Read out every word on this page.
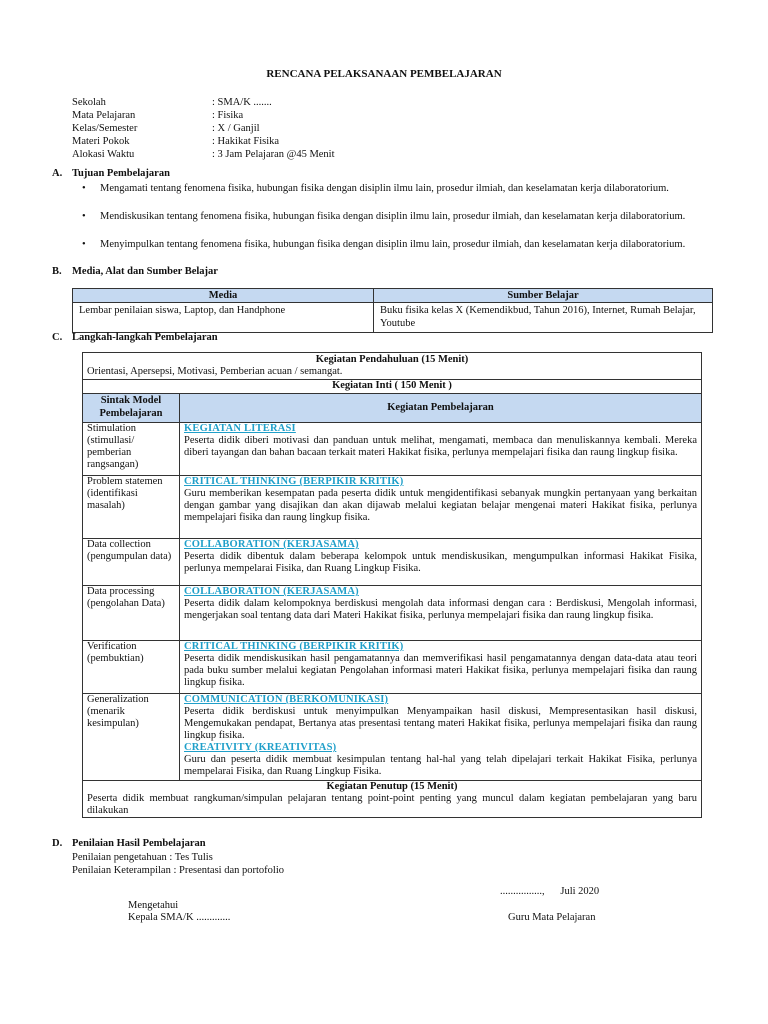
RENCANA PELAKSANAAN PEMBELAJARAN
Sekolah	: SMA/K .......
Mata Pelajaran	: Fisika
Kelas/Semester	: X / Ganjil
Materi Pokok	: Hakikat Fisika
Alokasi Waktu	: 3 Jam Pelajaran @45 Menit
A. Tujuan Pembelajaran
• Mengamati tentang fenomena fisika, hubungan fisika dengan disiplin ilmu lain, prosedur ilmiah, dan keselamatan kerja dilaboratorium.
• Mendiskusikan tentang fenomena fisika, hubungan fisika dengan disiplin ilmu lain, prosedur ilmiah, dan keselamatan kerja dilaboratorium.
• Menyimpulkan tentang fenomena fisika, hubungan fisika dengan disiplin ilmu lain, prosedur ilmiah, dan keselamatan kerja dilaboratorium.
B. Media, Alat dan Sumber Belajar
Media	Sumber Belajar
Lembar penilaian siswa, Laptop, dan Handphone	Buku fisika kelas X (Kemendikbud, Tahun 2016), Internet, Rumah Belajar, Youtube
C. Langkah-langkah Pembelajaran
Kegiatan Pendahuluan (15 Menit)
Orientasi, Apersepsi, Motivasi, Pemberian acuan / semangat.	

Kegiatan Inti ( 150 Menit )	
Sintak Model Pembelajaran	Kegiatan Pembelajaran
Stimulation (stimullasi/ pemberian rangsangan)	KEGIATAN LITERASI
Peserta didik diberi motivasi dan panduan untuk melihat, mengamati, membaca dan menuliskannya kembali. Mereka diberi tayangan dan bahan bacaan terkait materi Hakikat fisika, perlunya mempelajari fisika dan raung lingkup fisika.

Problem statemen (identifikasi masalah)	CRITICAL THINKING (BERPIKIR KRITIK)
Guru memberikan kesempatan pada peserta didik untuk mengidentifikasi sebanyak mungkin pertanyaan yang berkaitan dengan gambar yang disajikan dan akan dijawab melalui kegiatan belajar mengenai materi Hakikat fisika, perlunya mempelajari fisika dan raung lingkup fisika.

Data collection (pengumpulan data)	COLLABORATION (KERJASAMA)
Peserta didik dibentuk dalam beberapa kelompok untuk mendiskusikan, mengumpulkan informasi Hakikat Fisika, perlunya mempelarai Fisika, dan Ruang Lingkup Fisika.

Data processing (pengolahan Data)	COLLABORATION (KERJASAMA)
Peserta didik dalam kelompoknya berdiskusi mengolah data informasi dengan cara : Berdiskusi, Mengolah informasi, mengerjakan soal tentang data dari Materi Hakikat fisika, perlunya mempelajari fisika dan raung lingkup fisika.

Verification (pembuktian)	CRITICAL THINKING (BERPIKIR KRITIK)
Peserta didik mendiskusikan hasil pengamatannya dan memverifikasi hasil pengamatannya dengan data-data atau teori pada buku sumber melalui kegiatan Pengolahan informasi materi Hakikat fisika, perlunya mempelajari fisika dan raung lingkup fisika.

Generalization (menarik kesimpulan)	COMMUNICATION (BERKOMUNIKASI)
Peserta didik berdiskusi untuk menyimpulkan Menyampaikan hasil diskusi, Mempresentasikan hasil diskusi, Mengemukakan pendapat, Bertanya atas presentasi tentang materi Hakikat fisika, perlunya mempelajari fisika dan raung lingkup fisika.
CREATIVITY (KREATIVITAS)
Guru dan peserta didik membuat kesimpulan tentang hal-hal yang telah dipelajari terkait Hakikat Fisika, perlunya mempelarai Fisika, dan Ruang Lingkup Fisika.

Kegiatan Penutup (15 Menit)
Peserta didik membuat rangkuman/simpulan pelajaran tentang point-point penting yang muncul dalam kegiatan pembelajaran yang baru dilakukan	
D. Penilaian Hasil Pembelajaran
Penilaian pengetahuan : Tes Tulis
Penilaian Keterampilan : Presentasi dan portofolio
................,      Juli 2020
Mengetahui
Kepala SMA/K .............	Guru Mata Pelajaran
